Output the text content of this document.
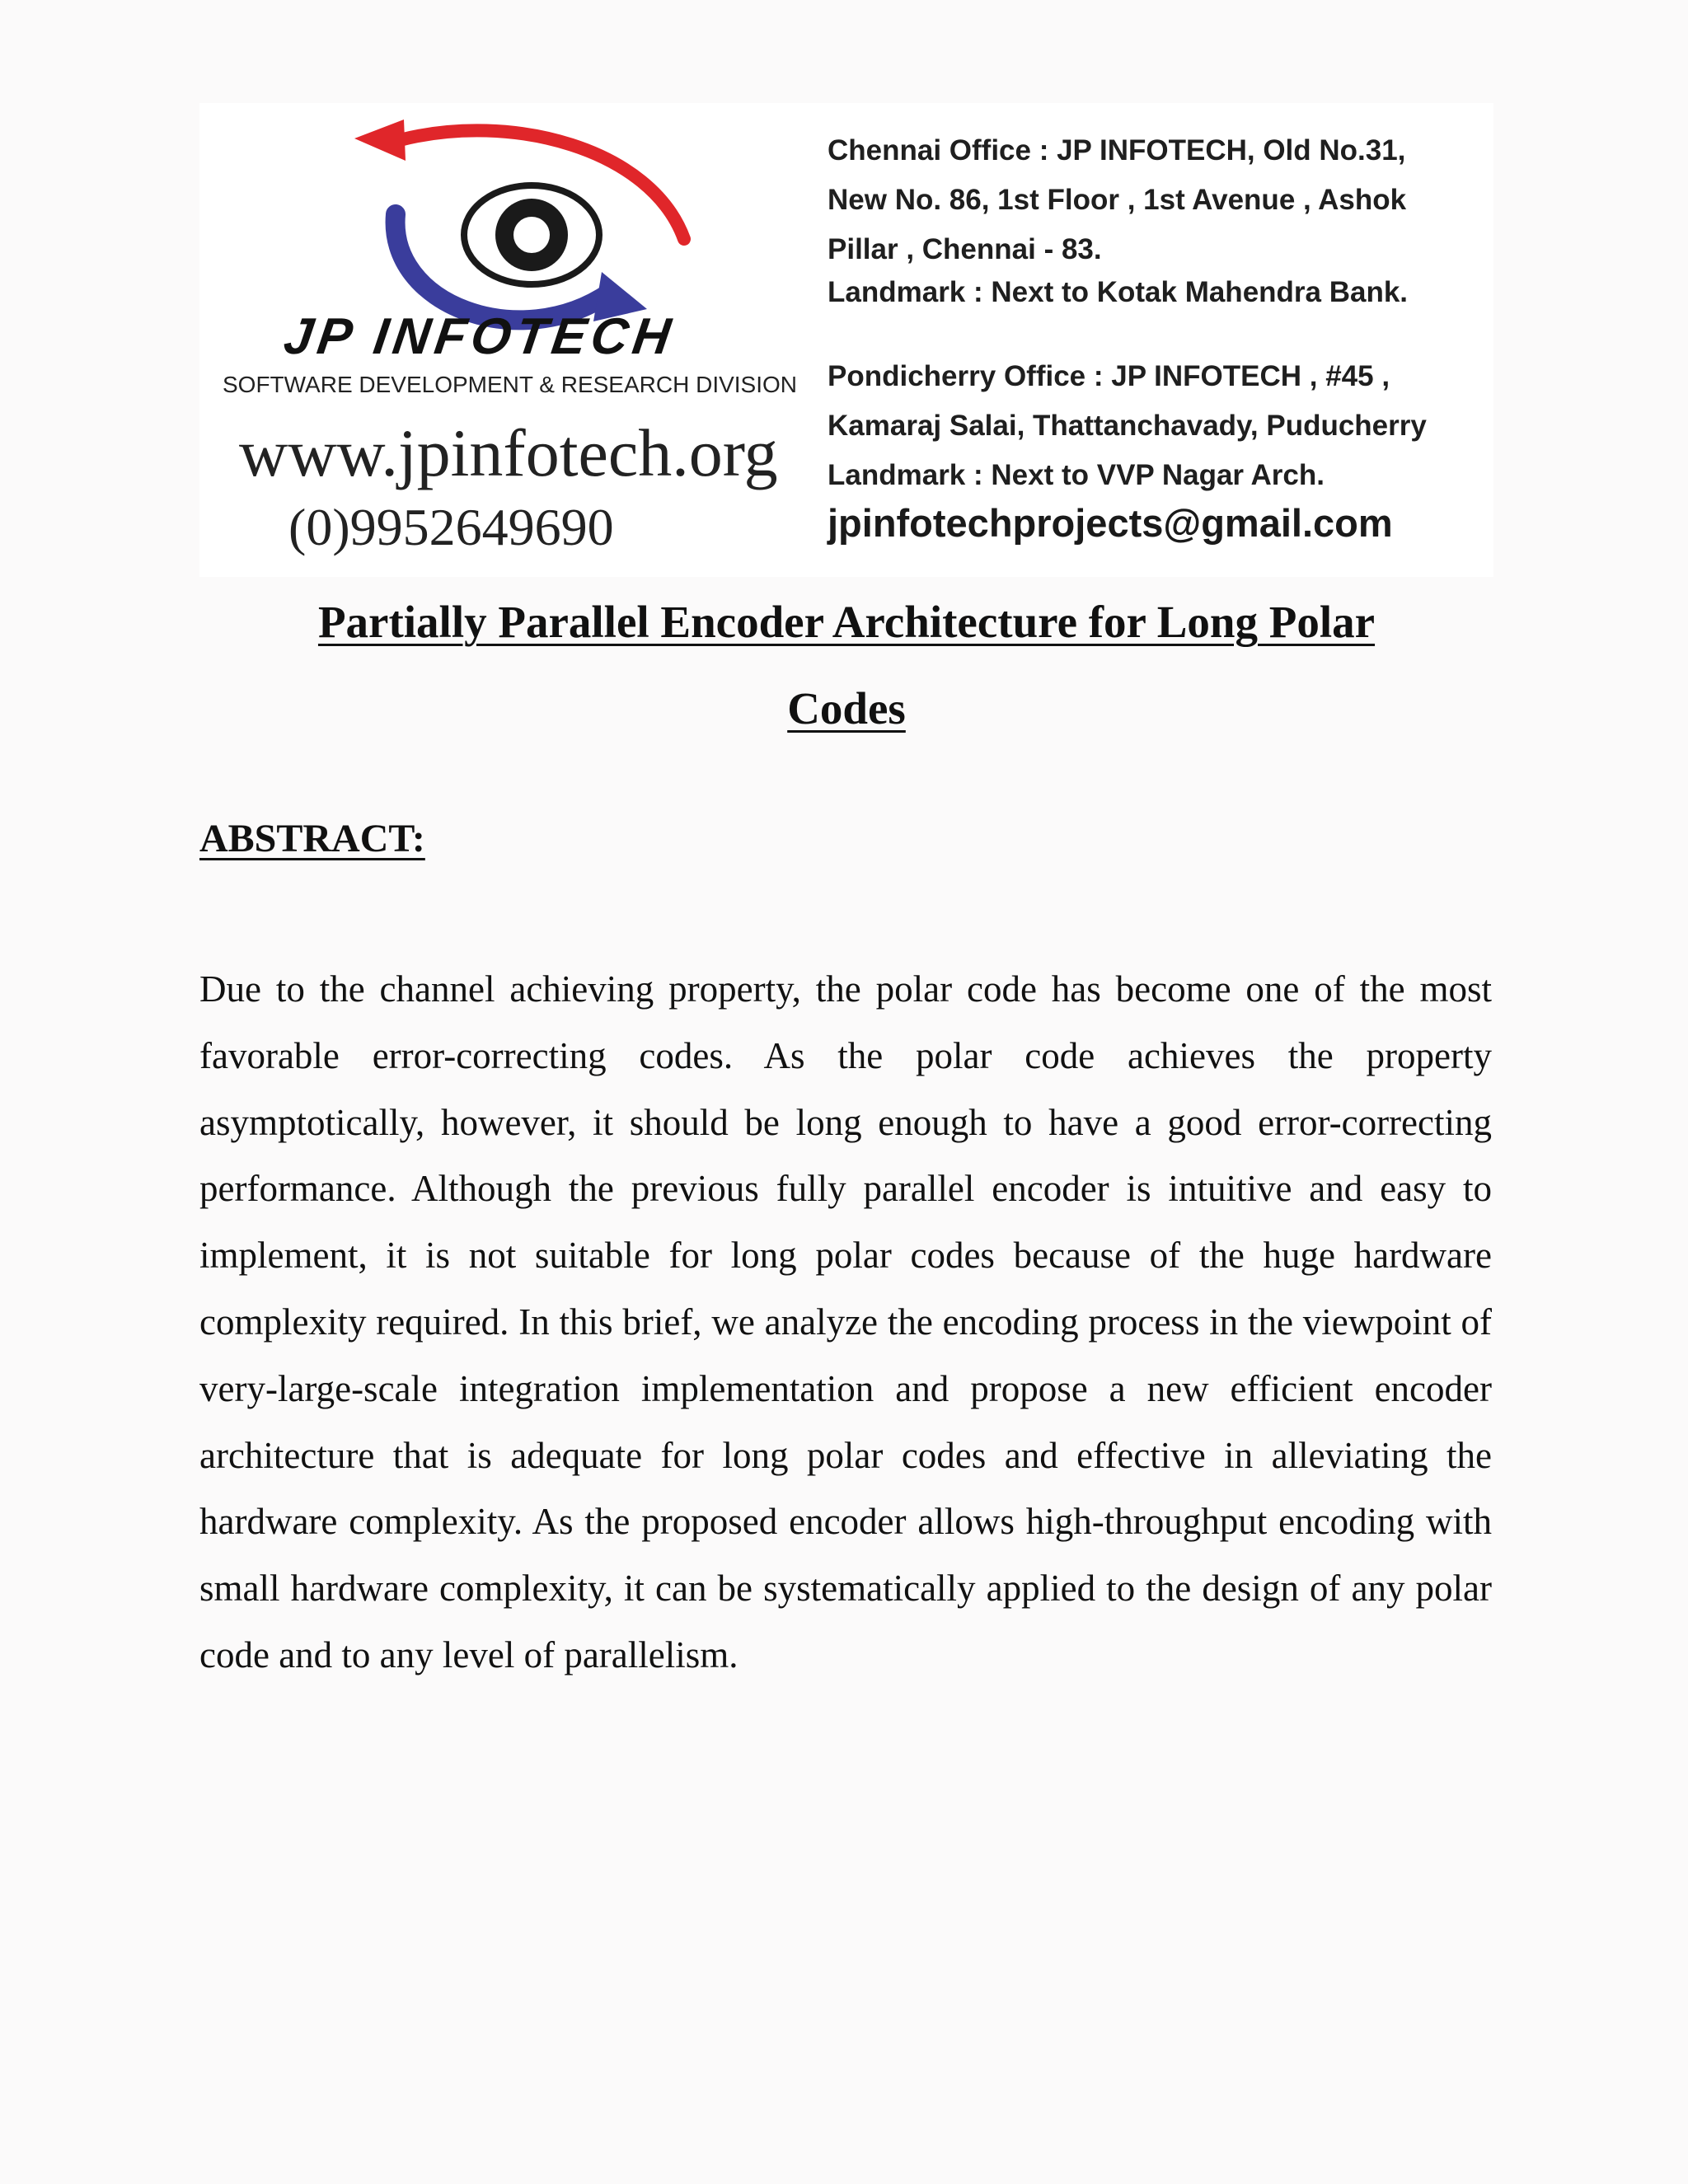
JP INFOTECH
SOFTWARE DEVELOPMENT & RESEARCH DIVISION
www.jpinfotech.org
(0)9952649690
Chennai Office : JP INFOTECH, Old No.31,
New No. 86, 1st Floor , 1st Avenue , Ashok
Pillar , Chennai - 83.
Landmark : Next to Kotak Mahendra Bank.
Pondicherry Office : JP INFOTECH , #45 ,
Kamaraj Salai, Thattanchavady, Puducherry
Landmark : Next to VVP Nagar Arch.
jpinfotechprojects@gmail.com
Partially Parallel Encoder Architecture for Long Polar
Codes
ABSTRACT:
Due to the channel achieving property, the polar code has become one of the most favorable error-correcting codes. As the polar code achieves the property asymptotically, however, it should be long enough to have a good error-correcting performance. Although the previous fully parallel encoder is intuitive and easy to implement, it is not suitable for long polar codes because of the huge hardware complexity required. In this brief, we analyze the encoding process in the viewpoint of very-large-scale integration implementation and propose a new efficient encoder architecture that is adequate for long polar codes and effective in alleviating the hardware complexity. As the proposed encoder allows high-throughput encoding with small hardware complexity, it can be systematically applied to the design of any polar code and to any level of parallelism.
